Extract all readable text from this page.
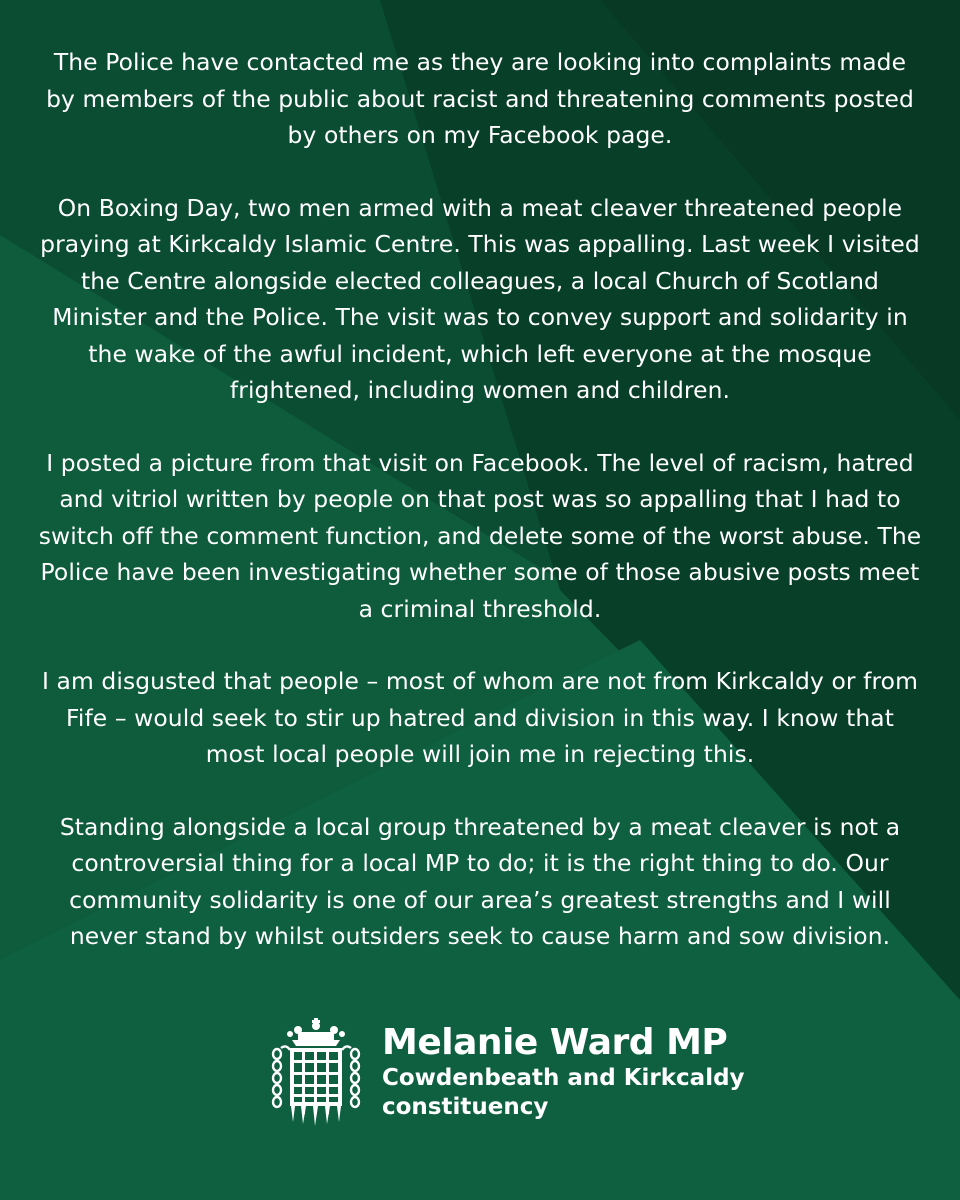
The Police have contacted me as they are looking into complaints made by members of the public about racist and threatening comments posted by others on my Facebook page.

On Boxing Day, two men armed with a meat cleaver threatened people praying at Kirkcaldy Islamic Centre. This was appalling. Last week I visited the Centre alongside elected colleagues, a local Church of Scotland Minister and the Police. The visit was to convey support and solidarity in the wake of the awful incident, which left everyone at the mosque frightened, including women and children.

I posted a picture from that visit on Facebook. The level of racism, hatred and vitriol written by people on that post was so appalling that I had to switch off the comment function, and delete some of the worst abuse. The Police have been investigating whether some of those abusive posts meet a criminal threshold.

I am disgusted that people – most of whom are not from Kirkcaldy or from Fife – would seek to stir up hatred and division in this way. I know that most local people will join me in rejecting this.

Standing alongside a local group threatened by a meat cleaver is not a controversial thing for a local MP to do; it is the right thing to do. Our community solidarity is one of our area’s greatest strengths and I will never stand by whilst outsiders seek to cause harm and sow division.

Melanie Ward MP
Cowdenbeath and Kirkcaldy
constituency
